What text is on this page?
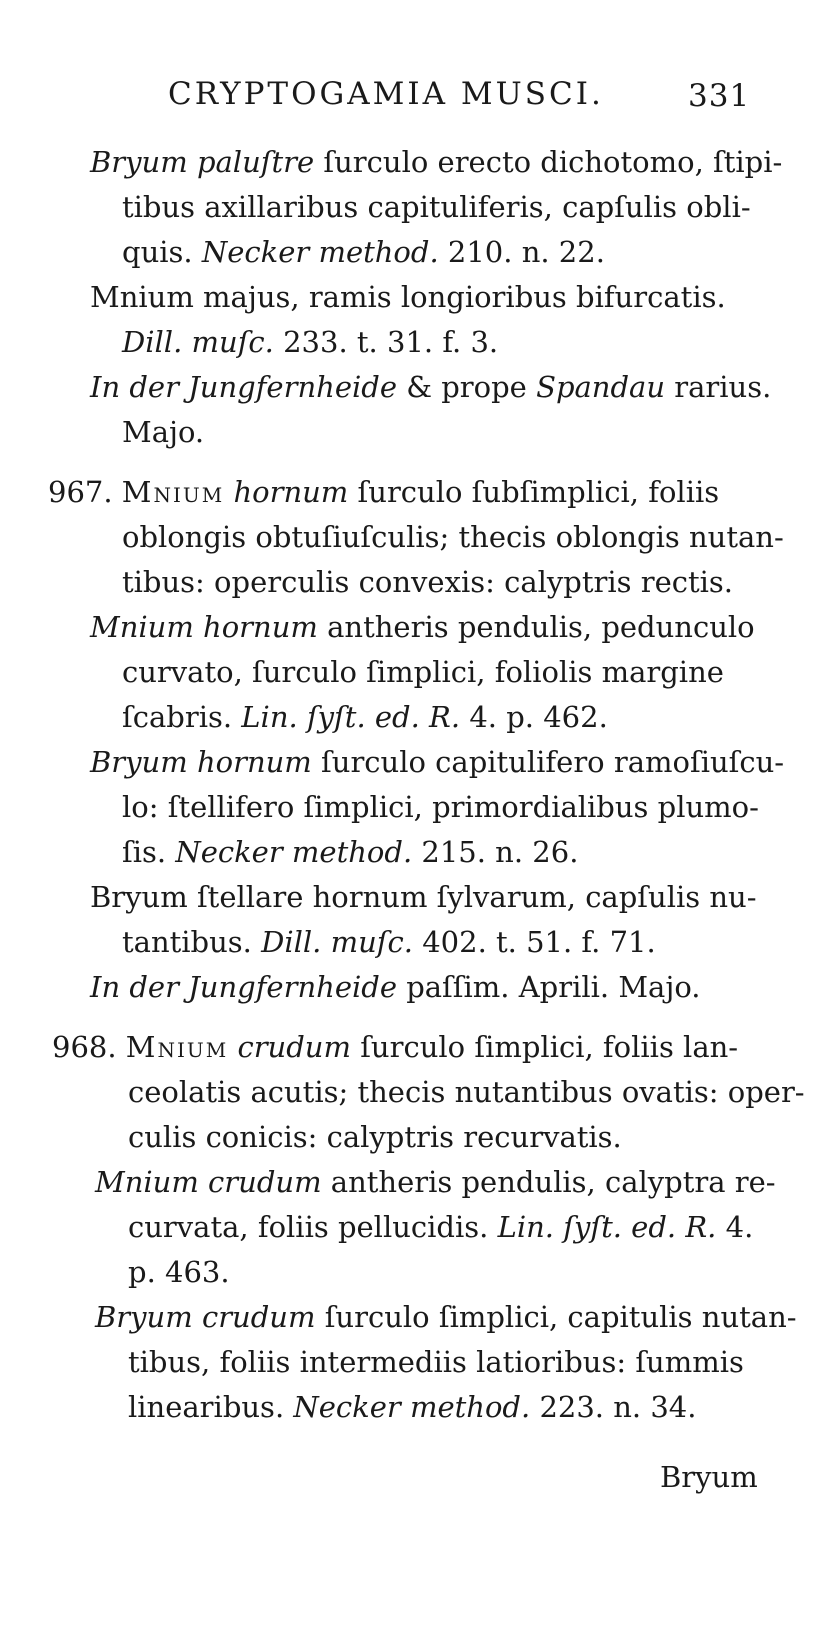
CRYPTOGAMIA MUSCI.	331
Bryum paluſtre ſurculo erecto dichotomo, ſtipi-
tibus axillaribus capituliferis, capſulis obli-
quis. Necker method. 210. n. 22.
Mnium majus, ramis longioribus bifurcatis.
Dill. muſc. 233. t. 31. f. 3.
In der Jungfernheide & prope Spandau rarius.
Majo.
967. Mnium hornum ſurculo ſubſimplici, foliis
oblongis obtuſiuſculis; thecis oblongis nutan-
tibus: operculis convexis: calyptris rectis.
Mnium hornum antheris pendulis, pedunculo
curvato, ſurculo ſimplici, foliolis margine
ſcabris. Lin. ſyſt. ed. R. 4. p. 462.
Bryum hornum ſurculo capitulifero ramoſiuſcu-
lo: ſtellifero ſimplici, primordialibus plumo-
ſis. Necker method. 215. n. 26.
Bryum ſtellare hornum ſylvarum, capſulis nu-
tantibus. Dill. muſc. 402. t. 51. f. 71.
In der Jungfernheide paſſim. Aprili. Majo.
968. Mnium crudum ſurculo ſimplici, foliis lan-
ceolatis acutis; thecis nutantibus ovatis: oper-
culis conicis: calyptris recurvatis.
Mnium crudum antheris pendulis, calyptra re-
curvata, foliis pellucidis. Lin. ſyſt. ed. R. 4.
p. 463.
Bryum crudum ſurculo ſimplici, capitulis nutan-
tibus, foliis intermediis latioribus: ſummis
linearibus. Necker method. 223. n. 34.
Bryum
